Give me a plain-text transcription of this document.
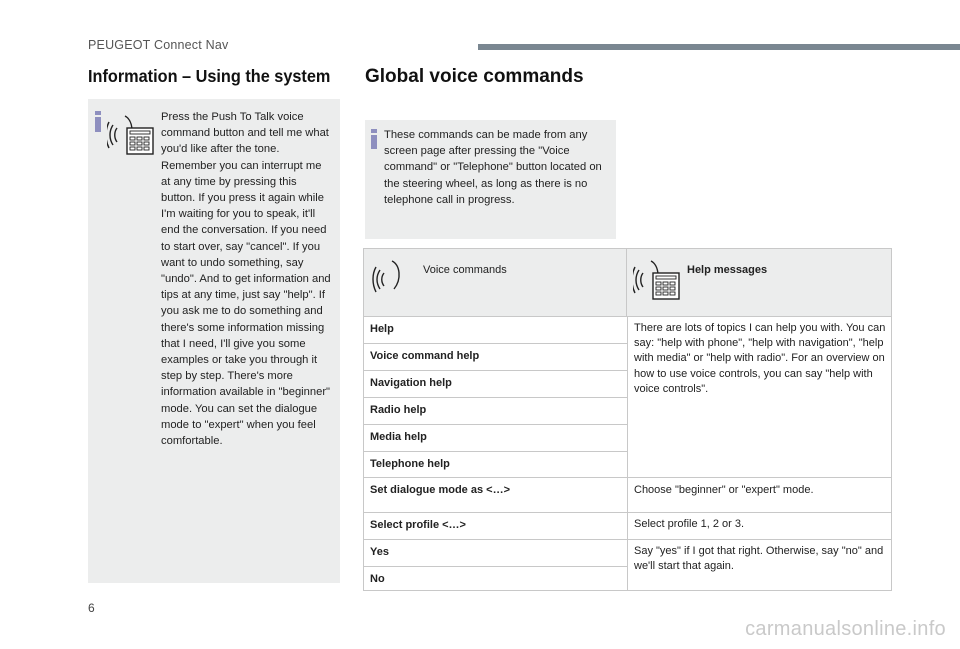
PEUGEOT Connect Nav
Information – Using the system Global voice commands
Press the Push To Talk voice command button and tell me what you'd like after the tone. Remember you can interrupt me at any time by pressing this button. If you press it again while I'm waiting for you to speak, it'll end the conversation. If you need to start over, say "cancel". If you want to undo something, say "undo". And to get information and tips at any time, just say "help". If you ask me to do something and there's some information missing that I need, I'll give you some examples or take you through it step by step. There's more information available in "beginner" mode. You can set the dialogue mode to "expert" when you feel comfortable.
These commands can be made from any screen page after pressing the "Voice command" or "Telephone" button located on the steering wheel, as long as there is no telephone call in progress.
Voice commands	Help messages
Help
Voice command help
Navigation help
Radio help
Media help
Telephone help
Set dialogue mode as <…>
Select profile <…>
Yes
No
There are lots of topics I can help you with. You can say: "help with phone", "help with navigation", "help with media" or "help with radio". For an overview on how to use voice controls, you can say "help with voice controls".
Choose "beginner" or "expert" mode.
Select profile 1, 2 or 3.
Say "yes" if I got that right. Otherwise, say "no" and we'll start that again.
6
carmanualsonline.info
